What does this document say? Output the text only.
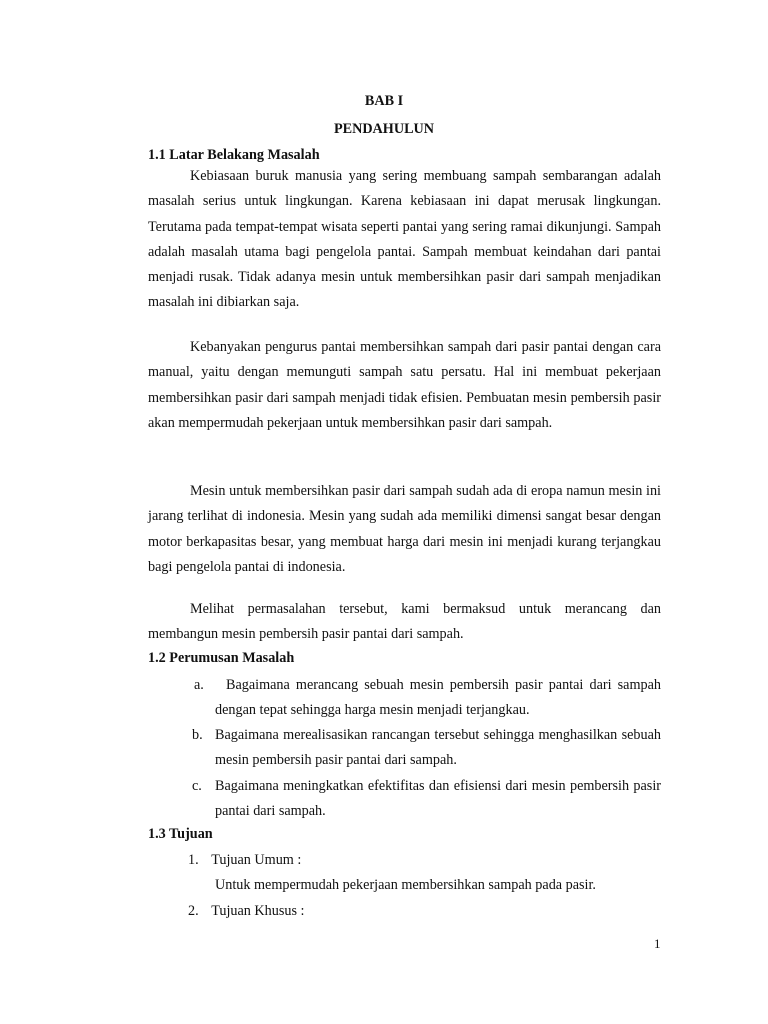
BAB I
PENDAHULUN
1.1 Latar Belakang Masalah

Kebiasaan buruk manusia yang sering membuang sampah sembarangan adalah masalah serius untuk lingkungan. Karena kebiasaan ini dapat merusak lingkungan. Terutama pada tempat-tempat wisata seperti pantai yang sering ramai dikunjungi. Sampah adalah masalah utama bagi pengelola pantai. Sampah membuat keindahan dari pantai menjadi rusak. Tidak adanya mesin untuk membersihkan pasir dari sampah menjadikan masalah ini dibiarkan saja.

Kebanyakan pengurus pantai membersihkan sampah dari pasir pantai dengan cara manual, yaitu dengan memunguti sampah satu persatu. Hal ini membuat pekerjaan membersihkan pasir dari sampah menjadi tidak efisien. Pembuatan mesin pembersih pasir akan mempermudah pekerjaan untuk membersihkan pasir dari sampah.

Mesin untuk membersihkan pasir dari sampah sudah ada di eropa namun mesin ini jarang terlihat di indonesia. Mesin yang sudah ada memiliki dimensi sangat besar dengan motor berkapasitas besar, yang membuat harga dari mesin ini menjadi kurang terjangkau bagi pengelola pantai di indonesia.

Melihat permasalahan tersebut, kami bermaksud untuk merancang dan membangun mesin pembersih pasir pantai dari sampah.

1.2 Perumusan Masalah
a.	Bagaimana merancang sebuah mesin pembersih pasir pantai dari sampah dengan tepat sehingga harga mesin menjadi terjangkau.
b. Bagaimana merealisasikan rancangan tersebut sehingga menghasilkan sebuah mesin pembersih pasir pantai dari sampah.
c. Bagaimana meningkatkan efektifitas dan efisiensi dari mesin pembersih pasir pantai dari sampah.
1.3 Tujuan
1. Tujuan Umum :
Untuk mempermudah pekerjaan membersihkan sampah pada pasir.
2. Tujuan Khusus :
1
